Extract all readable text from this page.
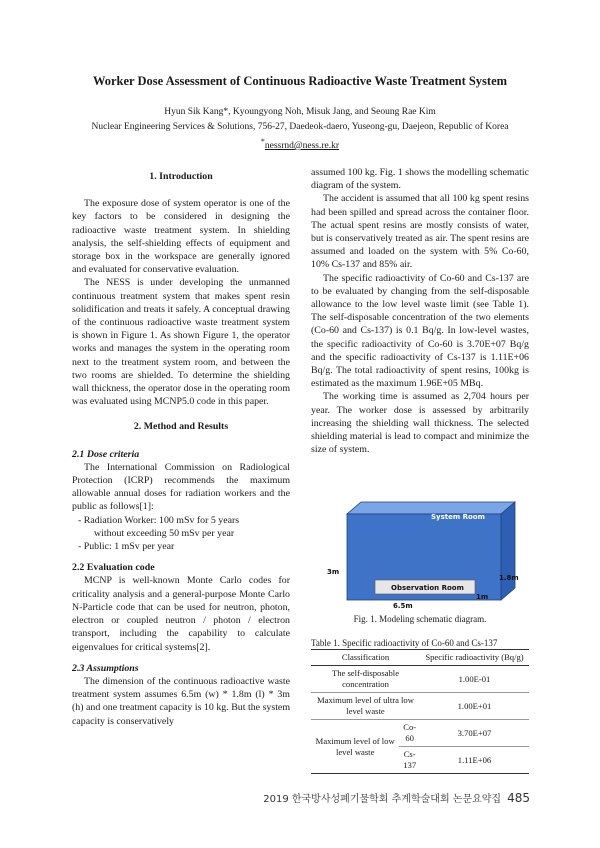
Worker Dose Assessment of Continuous Radioactive Waste Treatment System
Hyun Sik Kang*, Kyoungyong Noh, Misuk Jang, and Seoung Rae Kim
Nuclear Engineering Services & Solutions, 756-27, Daedeok-daero, Yuseong-gu, Daejeon, Republic of Korea
*nessrnd@ness.re.kr
1. Introduction

The exposure dose of system operator is one of the key factors to be considered in designing the radioactive waste treatment system. In shielding analysis, the self-shielding effects of equipment and storage box in the workspace are generally ignored and evaluated for conservative evaluation.

The NESS is under developing the unmanned continuous treatment system that makes spent resin solidification and treats it safely. A conceptual drawing of the continuous radioactive waste treatment system is shown in Figure 1. As shown Figure 1, the operator works and manages the system in the operating room next to the treatment system room, and between the two rooms are shielded. To determine the shielding wall thickness, the operator dose in the operating room was evaluated using MCNP5.0 code in this paper.

2. Method and Results
2.1 Dose criteria

The International Commission on Radiological Protection (ICRP) recommends the maximum allowable annual doses for radiation workers and the public as follows[1]:

- Radiation Worker: 100 mSv for 5 years
without exceeding 50 mSv per year
- Public: 1 mSv per year
2.2 Evaluation code

MCNP is well-known Monte Carlo codes for criticality analysis and a general-purpose Monte Carlo N-Particle code that can be used for neutron, photon, electron or coupled neutron / photon / electron transport, including the capability to calculate eigenvalues for critical systems[2].

2.3 Assumptions

The dimension of the continuous radioactive waste treatment system assumes 6.5m (w) * 1.8m (l) * 3m (h) and one treatment capacity is 10 kg. But the system capacity is conservatively

assumed 100 kg. Fig. 1 shows the modelling schematic diagram of the system.

The accident is assumed that all 100 kg spent resins had been spilled and spread across the container floor. The actual spent resins are mostly consists of water, but is conservatively treated as air. The spent resins are assumed and loaded on the system with 5% Co-60, 10% Cs-137 and 85% air.

The specific radioactivity of Co-60 and Cs-137 are to be evaluated by changing from the self-disposable allowance to the low level waste limit (see Table 1). The self-disposable concentration of the two elements (Co-60 and Cs-137) is 0.1 Bq/g. In low-level wastes, the specific radioactivity of Co-60 is 3.70E+07 Bq/g and the specific radioactivity of Cs-137 is 1.11E+06 Bq/g. The total radioactivity of spent resins, 100kg is estimated as the maximum 1.96E+05 MBq.

The working time is assumed as 2,704 hours per year. The worker dose is assessed by arbitrarily increasing the shielding wall thickness. The selected shielding material is lead to compact and minimize the size of system.

System Room
Observation Room
3m
1.8m
1m
6.5m
Fig. 1. Modeling schematic diagram.
Table 1. Specific radioactivity of Co-60 and Cs-137
Classification		Specific radioactivity (Bq/g)
The self-disposable concentration		1.00E-01
Maximum level of ultra low level waste		1.00E+01
Maximum level of low level waste	Co-60	3.70E+07
	Cs-137	1.11E+06
2019 한국방사성폐기물학회 추계학술대회 논문요약집 485
